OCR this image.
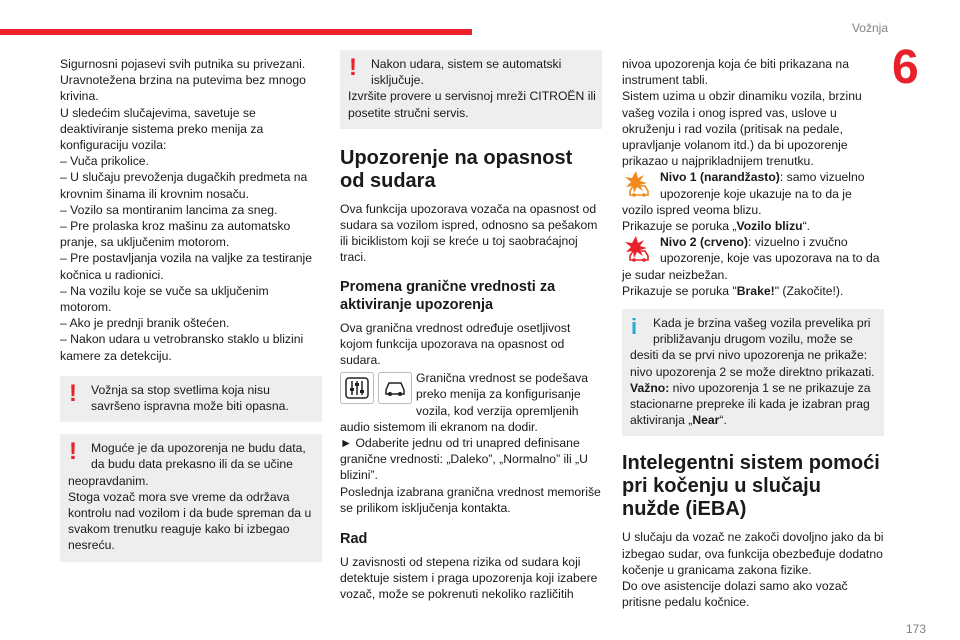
Vožnja
6
173

Sigurnosni pojasevi svih putnika su privezani.

Uravnotežena brzina na putevima bez mnogo krivina.

U sledećim slučajevima, savetuje se deaktiviranje sistema preko menija za konfiguraciju vozila:

– Vuča prikolice.

– U slučaju prevoženja dugačkih predmeta na krovnim šinama ili krovnim nosaču.

– Vozilo sa montiranim lancima za sneg.

– Pre prolaska kroz mašinu za automatsko pranje, sa uključenim motorom.

– Pre postavljanja vozila na valjke za testiranje kočnica u radionici.

– Na vozilu koje se vuče sa uključenim motorom.

– Ako je prednji branik oštećen.

– Nakon udara u vetrobransko staklo u blizini kamere za detekciju.

! Vožnja sa stop svetlima koja nisu savršeno ispravna može biti opasna.

! Moguće je da upozorenja ne budu data, da budu data prekasno ili da se učine

neopravdanim.

Stoga vozač mora sve vreme da održava kontrolu nad vozilom i da bude spreman da u svakom trenutku reaguje kako bi izbegao nesreću.

! Nakon udara, sistem se automatski isključuje.

Izvršite provere u servisnoj mreži CITROËN ili posetite stručni servis.

Upozorenje na opasnost od sudara

Ova funkcija upozorava vozača na opasnost od sudara sa vozilom ispred, odnosno sa pešakom ili biciklistom koji se kreće u toj saobraćajnoj traci.

Promena granične vrednosti za aktiviranje upozorenja

Ova granična vrednost određuje osetljivost kojom funkcija upozorava na opasnost od sudara.

Granična vrednost se podešava preko menija za konfigurisanje vozila, kod verzija opremljenih audio sistemom ili ekranom na dodir.

► Odaberite jednu od tri unapred definisane granične vrednosti: „Daleko”, „Normalno” ili „U blizini”.

Poslednja izabrana granična vrednost memoriše se prilikom isključenja kontakta.

Rad

U zavisnosti od stepena rizika od sudara koji detektuje sistem i praga upozorenja koji izabere vozač, može se pokrenuti nekoliko različitih

nivoa upozorenja koja će biti prikazana na instrument tabli.

Sistem uzima u obzir dinamiku vozila, brzinu vašeg vozila i onog ispred vas, uslove u okruženju i rad vozila (pritisak na pedale, upravljanje volanom itd.) da bi upozorenje prikazao u najprikladnijem trenutku.

Nivo 1 (narandžasto): samo vizuelno upozorenje koje ukazuje na to da je vozilo ispred veoma blizu.

Prikazuje se poruka „Vozilo blizu“.

Nivo 2 (crveno): vizuelno i zvučno upozorenje, koje vas upozorava na to da je sudar neizbežan.

Prikazuje se poruka "Brake!" (Zakočite!).

i Kada je brzina vašeg vozila prevelika pri približavanju drugom vozilu, može se

desiti da se prvi nivo upozorenja ne prikaže: nivo upozorenja 2 se može direktno prikazati.

Važno: nivo upozorenja 1 se ne prikazuje za stacionarne prepreke ili kada je izabran prag aktiviranja „Near“.

Intelegentni sistem pomoći pri kočenju u slučaju nužde (iEBA)

U slučaju da vozač ne zakoči dovoljno jako da bi izbegao sudar, ova funkcija obezbeđuje dodatno kočenje u granicama zakona fizike.

Do ove asistencije dolazi samo ako vozač pritisne pedalu kočnice.
